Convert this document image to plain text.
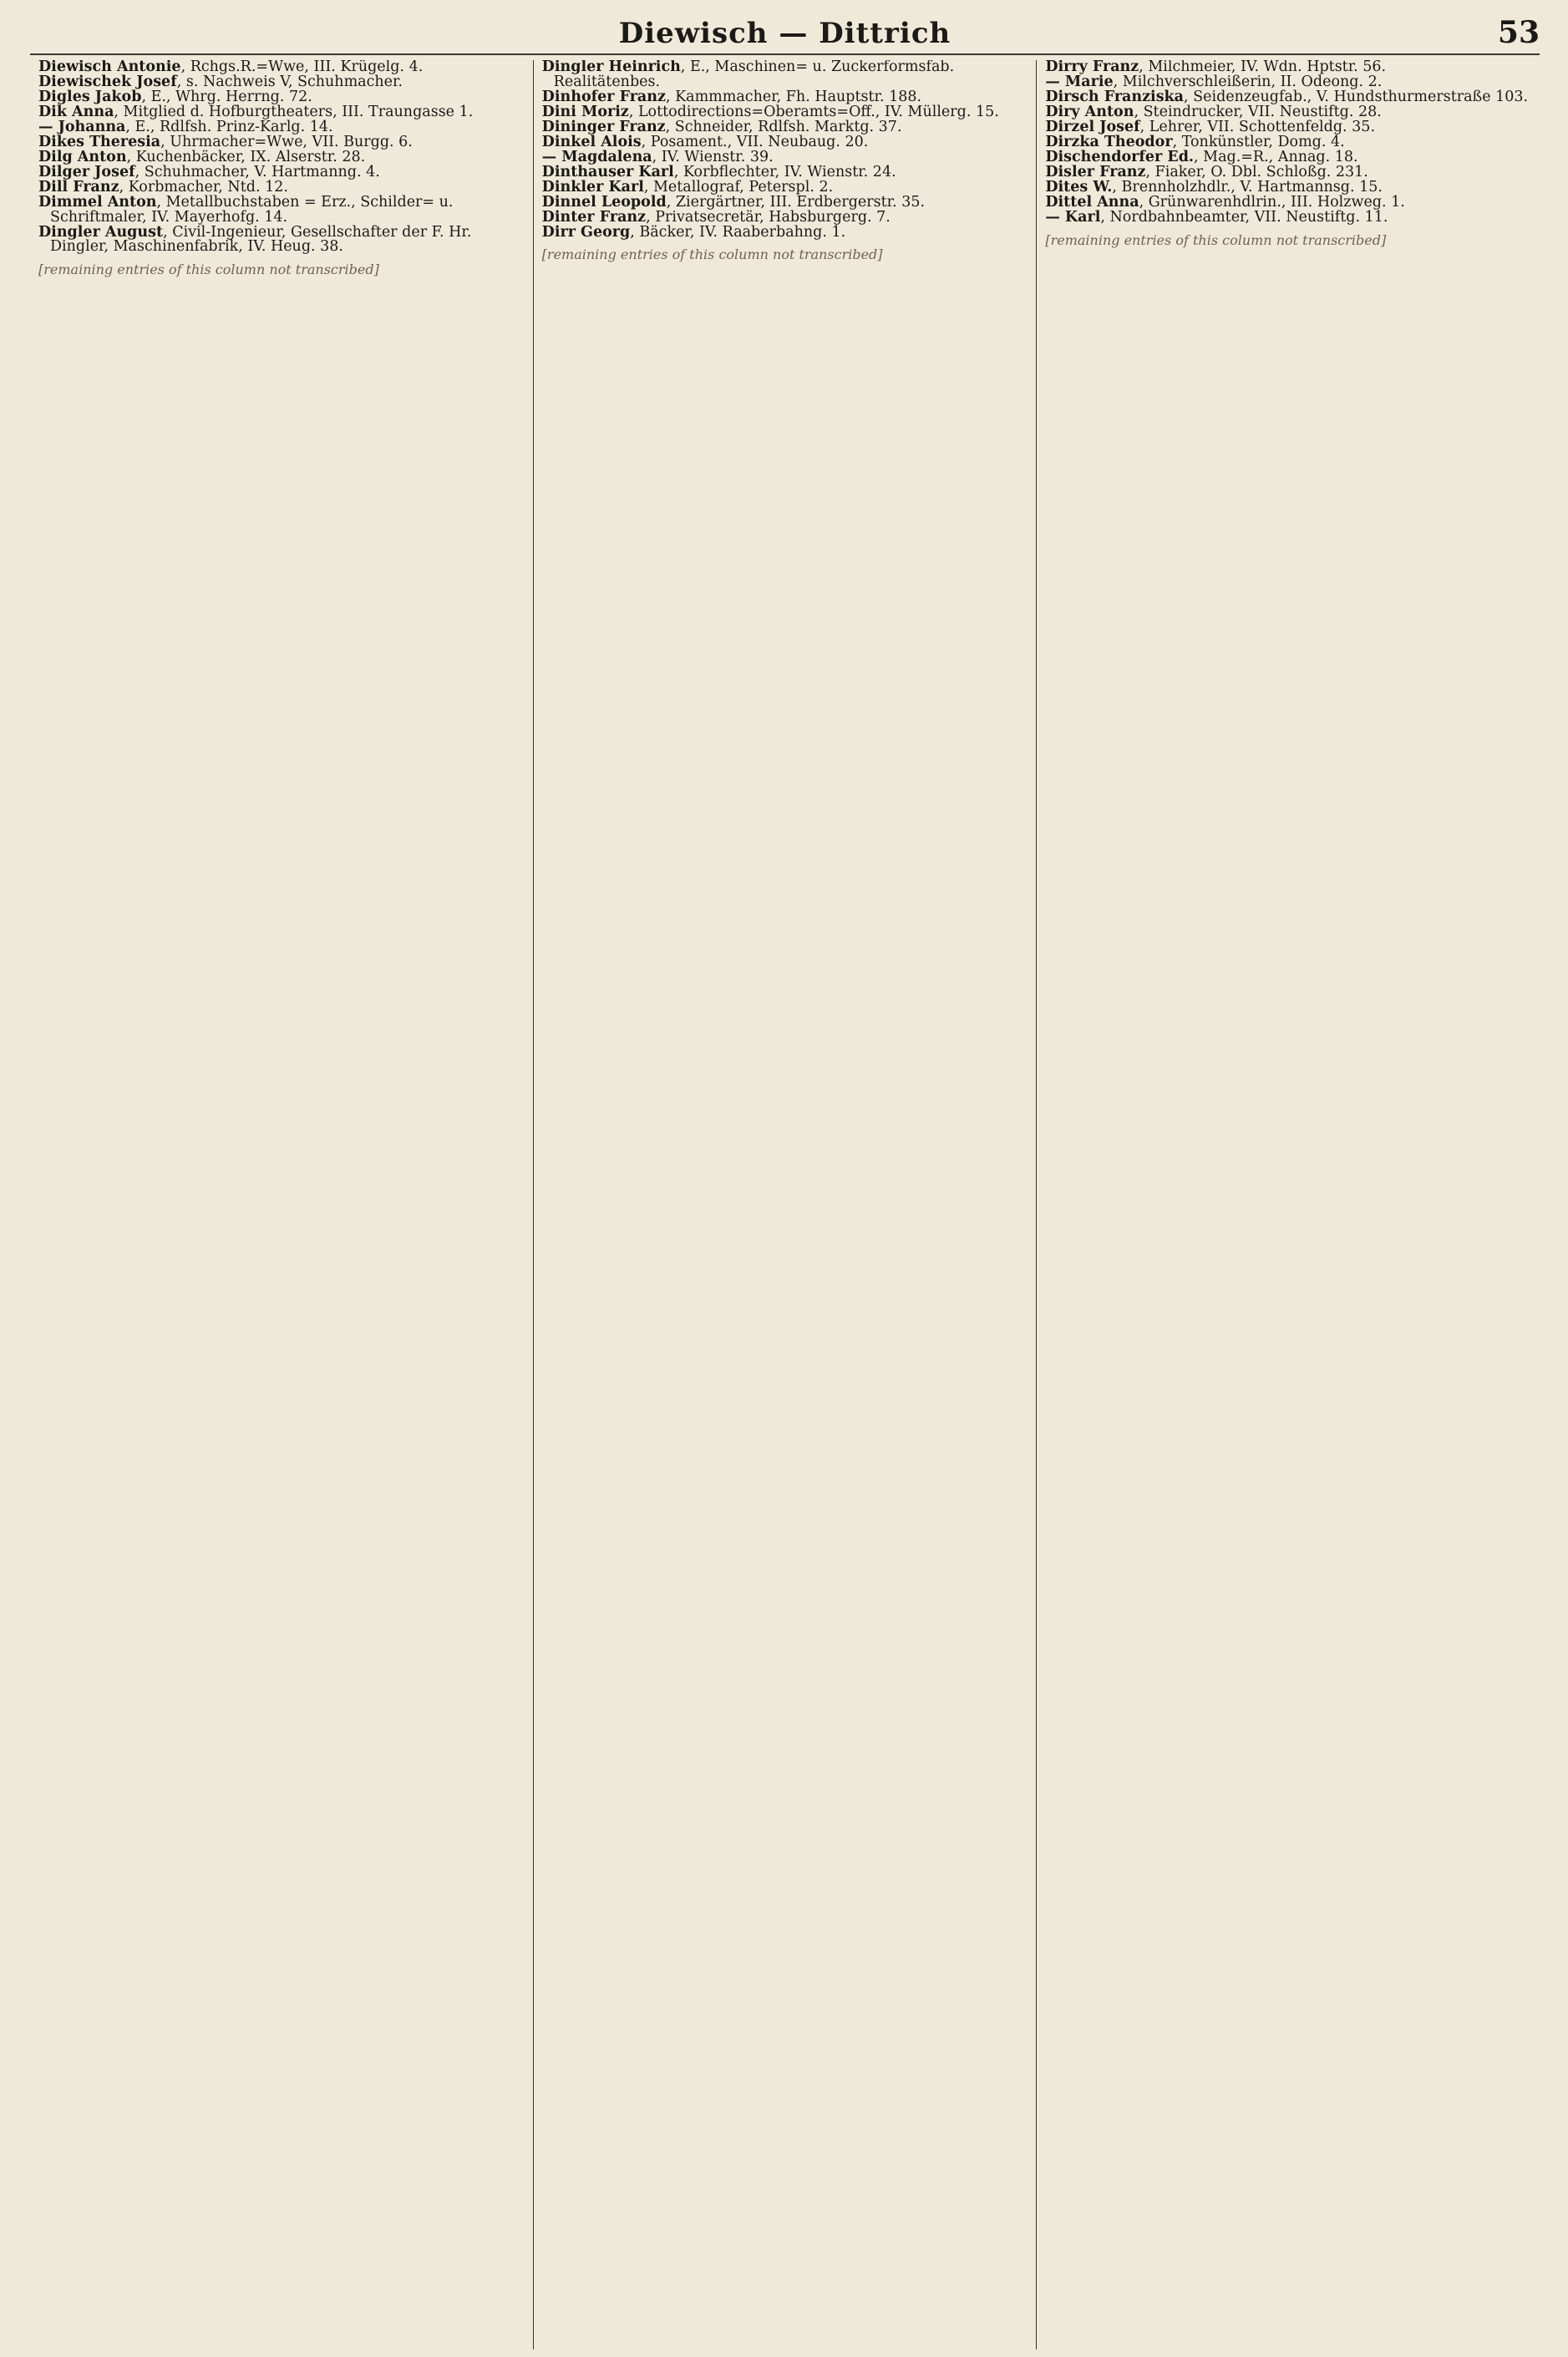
Diewisch — Dittrich	53

Diewisch Antonie, Rchgs.R.=Wwe, III. Krügelg. 4.

Diewischek Josef, s. Nachweis V, Schuhmacher.

Digles Jakob, E., Whrg. Herrng. 72.

Dik Anna, Mitglied d. Hofburgtheaters, III. Traungasse 1.

— Johanna, E., Rdlfsh. Prinz-Karlg. 14.

Dikes Theresia, Uhrmacher=Wwe, VII. Burgg. 6.

Dilg Anton, Kuchenbäcker, IX. Alserstr. 28.

Dilger Josef, Schuhmacher, V. Hartmanng. 4.

Dill Franz, Korbmacher, Ntd. 12.

Dimmel Anton, Metallbuchstaben = Erz., Schilder= u. Schriftmaler, IV. Mayerhofg. 14.

Dingler August, Civil-Ingenieur, Gesellschafter der F. Hr. Dingler, Maschinenfabrik, IV. Heug. 38.

[remaining entries of this column not transcribed]

Dingler Heinrich, E., Maschinen= u. Zuckerformsfab. Realitätenbes.

Dinhofer Franz, Kammmacher, Fh. Hauptstr. 188.

Dini Moriz, Lottodirections=Oberamts=Off., IV. Müllerg. 15.

Dininger Franz, Schneider, Rdlfsh. Marktg. 37.

Dinkel Alois, Posament., VII. Neubaug. 20.

— Magdalena, IV. Wienstr. 39.

Dinthauser Karl, Korbflechter, IV. Wienstr. 24.

Dinkler Karl, Metallograf, Peterspl. 2.

Dinnel Leopold, Ziergärtner, III. Erdbergerstr. 35.

Dinter Franz, Privatsecretär, Habsburgerg. 7.

Dirr Georg, Bäcker, IV. Raaberbahng. 1.

[remaining entries of this column not transcribed]

Dirry Franz, Milchmeier, IV. Wdn. Hptstr. 56.

— Marie, Milchverschleißerin, II. Odeong. 2.

Dirsch Franziska, Seidenzeugfab., V. Hundsthurmerstraße 103.

Diry Anton, Steindrucker, VII. Neustiftg. 28.

Dirzel Josef, Lehrer, VII. Schottenfeldg. 35.

Dirzka Theodor, Tonkünstler, Domg. 4.

Dischendorfer Ed., Mag.=R., Annag. 18.

Disler Franz, Fiaker, O. Dbl. Schloßg. 231.

Dites W., Brennholzhdlr., V. Hartmannsg. 15.

Dittel Anna, Grünwarenhdlrin., III. Holzweg. 1.

— Karl, Nordbahnbeamter, VII. Neustiftg. 11.

[remaining entries of this column not transcribed]
